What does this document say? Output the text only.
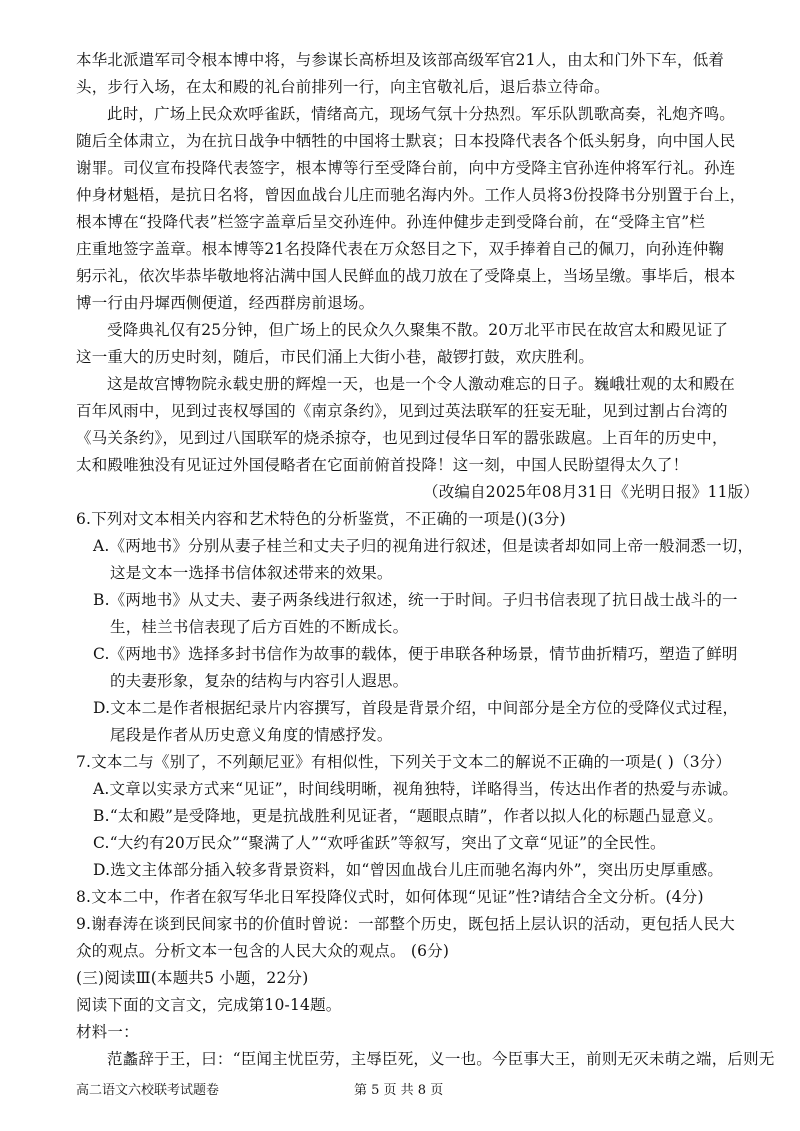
本华北派遣军司令根本博中将，与参谋长高桥坦及该部高级军官21人，由太和门外下车，低着
头，步行入场，在太和殿的礼台前排列一行，向主官敬礼后，退后恭立待命。
此时，广场上民众欢呼雀跃，情绪高亢，现场气氛十分热烈。军乐队凯歌高奏，礼炮齐鸣。
随后全体肃立，为在抗日战争中牺牲的中国将士默哀；日本投降代表各个低头躬身，向中国人民
谢罪。司仪宣布投降代表签字，根本博等行至受降台前，向中方受降主官孙连仲将军行礼。孙连
仲身材魁梧，是抗日名将，曾因血战台儿庄而驰名海内外。工作人员将3份投降书分别置于台上，
根本博在“投降代表”栏签字盖章后呈交孙连仲。孙连仲健步走到受降台前，在“受降主官”栏
庄重地签字盖章。根本博等21名投降代表在万众怒目之下，双手捧着自己的佩刀，向孙连仲鞠
躬示礼，依次毕恭毕敬地将沾满中国人民鲜血的战刀放在了受降桌上，当场呈缴。事毕后，根本
博一行由丹墀西侧便道，经西群房前退场。
受降典礼仅有25分钟，但广场上的民众久久聚集不散。20万北平市民在故宫太和殿见证了
这一重大的历史时刻，随后，市民们涌上大街小巷，敲锣打鼓，欢庆胜利。
这是故宫博物院永载史册的辉煌一天，也是一个令人激动难忘的日子。巍峨壮观的太和殿在
百年风雨中，见到过丧权辱国的《南京条约》，见到过英法联军的狂妄无耻，见到过割占台湾的
《马关条约》，见到过八国联军的烧杀掠夺，也见到过侵华日军的嚣张跋扈。上百年的历史中，
太和殿唯独没有见证过外国侵略者在它面前俯首投降！这一刻，中国人民盼望得太久了！
（改编自2025年08月31日《光明日报》11版）
6.下列对文本相关内容和艺术特色的分析鉴赏，不正确的一项是()(3分)
A.《两地书》分别从妻子桂兰和丈夫子归的视角进行叙述，但是读者却如同上帝一般洞悉一切，
这是文本一选择书信体叙述带来的效果。
B.《两地书》从丈夫、妻子两条线进行叙述，统一于时间。子归书信表现了抗日战士战斗的一
生，桂兰书信表现了后方百姓的不断成长。
C.《两地书》选择多封书信作为故事的载体，便于串联各种场景，情节曲折精巧，塑造了鲜明
的夫妻形象，复杂的结构与内容引人遐思。
D.文本二是作者根据纪录片内容撰写，首段是背景介绍，中间部分是全方位的受降仪式过程，
尾段是作者从历史意义角度的情感抒发。
7.文本二与《别了，不列颠尼亚》有相似性，下列关于文本二的解说不正确的一项是( )（3分）
A.文章以实录方式来“见证”，时间线明晰，视角独特，详略得当，传达出作者的热爱与赤诚。
B.“太和殿”是受降地，更是抗战胜利见证者，“题眼点睛”，作者以拟人化的标题凸显意义。
C.“大约有20万民众”“聚满了人”“欢呼雀跃”等叙写，突出了文章“见证”的全民性。
D.选文主体部分插入较多背景资料，如“曾因血战台儿庄而驰名海内外”，突出历史厚重感。
8.文本二中，作者在叙写华北日军投降仪式时，如何体现“见证”性?请结合全文分析。(4分)
9.谢春涛在谈到民间家书的价值时曾说：一部整个历史，既包括上层认识的活动，更包括人民大
众的观点。分析文本一包含的人民大众的观点。 (6分)
(三)阅读Ⅲ(本题共5 小题，22分)
阅读下面的文言文，完成第10-14题。
材料一：
范蠡辞于王，曰：“臣闻主忧臣劳，主辱臣死，义一也。今臣事大王，前则无灭未萌之端，后则无
高二语文六校联考试题卷	第 5 页 共 8 页
